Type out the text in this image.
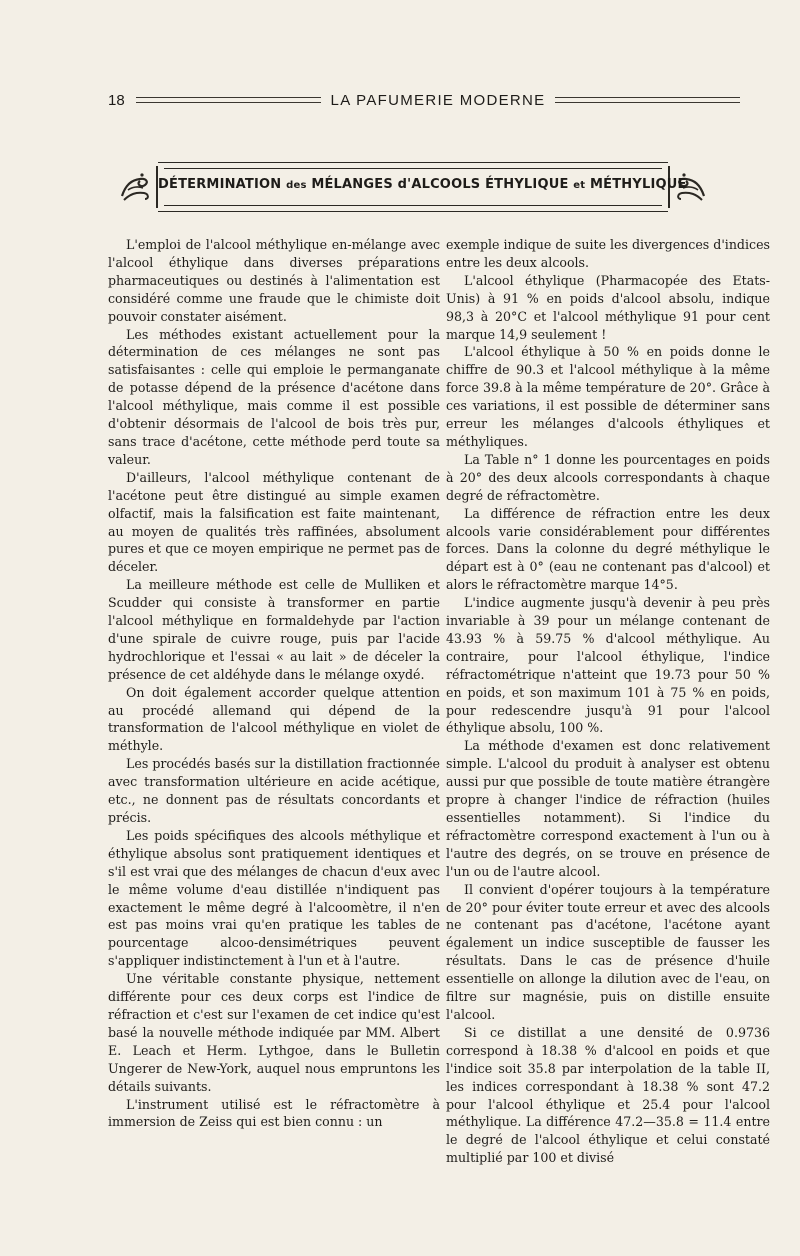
18	LA PAFUMERIE MODERNE
DÉTERMINATION des MÉLANGES d'ALCOOLS ÉTHYLIQUE et MÉTHYLIQUE

L'emploi de l'alcool méthylique en-mélange avec l'alcool éthylique dans diverses préparations pharmaceutiques ou destinés à l'alimentation est considéré comme une fraude que le chimiste doit pouvoir constater aisément.

Les méthodes existant actuellement pour la détermination de ces mélanges ne sont pas satisfaisantes : celle qui emploie le permanganate de potasse dépend de la présence d'acétone dans l'alcool méthylique, mais comme il est possible d'obtenir désormais de l'alcool de bois très pur, sans trace d'acétone, cette méthode perd toute sa valeur.

D'ailleurs, l'alcool méthylique contenant de l'acétone peut être distingué au simple examen olfactif, mais la falsification est faite maintenant, au moyen de qualités très raffinées, absolument pures et que ce moyen empirique ne permet pas de déceler.

La meilleure méthode est celle de Mulliken et Scudder qui consiste à transformer en partie l'alcool méthylique en formaldehyde par l'action d'une spirale de cuivre rouge, puis par l'acide hydrochlorique et l'essai « au lait » de déceler la présence de cet aldéhyde dans le mélange oxydé.

On doit également accorder quelque attention au procédé allemand qui dépend de la transformation de l'alcool méthylique en violet de méthyle.

Les procédés basés sur la distillation fractionnée avec transformation ultérieure en acide acétique, etc., ne donnent pas de résultats concordants et précis.

Les poids spécifiques des alcools méthylique et éthylique absolus sont pratiquement identiques et s'il est vrai que des mélanges de chacun d'eux avec le même volume d'eau distillée n'indiquent pas exactement le même degré à l'alcoomètre, il n'en est pas moins vrai qu'en pratique les tables de pourcentage alcoo-densimétriques peuvent s'appliquer indistinctement à l'un et à l'autre.

Une véritable constante physique, nettement différente pour ces deux corps est l'indice de réfraction et c'est sur l'examen de cet indice qu'est basé la nouvelle méthode indiquée par MM. Albert E. Leach et Herm. Lythgoe, dans le Bulletin Ungerer de New-York, auquel nous empruntons les détails suivants.

L'instrument utilisé est le réfractomètre à immersion de Zeiss qui est bien connu : un

exemple indique de suite les divergences d'indices entre les deux alcools.

L'alcool éthylique (Pharmacopée des Etats-Unis) à 91 % en poids d'alcool absolu, indique 98,3 à 20°C et l'alcool méthylique 91 pour cent marque 14,9 seulement !

L'alcool éthylique à 50 % en poids donne le chiffre de 90.3 et l'alcool méthylique à la même force 39.8 à la même température de 20°. Grâce à ces variations, il est possible de déterminer sans erreur les mélanges d'alcools éthyliques et méthyliques.

La Table n° 1 donne les pourcentages en poids à 20° des deux alcools correspondants à chaque degré de réfractomètre.

La différence de réfraction entre les deux alcools varie considérablement pour différentes forces. Dans la colonne du degré méthylique le départ est à 0° (eau ne contenant pas d'alcool) et alors le réfractomètre marque 14°5.

L'indice augmente jusqu'à devenir à peu près invariable à 39 pour un mélange contenant de 43.93 % à 59.75 % d'alcool méthylique. Au contraire, pour l'alcool éthylique, l'indice réfractométrique n'atteint que 19.73 pour 50 % en poids, et son maximum 101 à 75 % en poids, pour redescendre jusqu'à 91 pour l'alcool éthylique absolu, 100 %.

La méthode d'examen est donc relativement simple. L'alcool du produit à analyser est obtenu aussi pur que possible de toute matière étrangère propre à changer l'indice de réfraction (huiles essentielles notamment). Si l'indice du réfractomètre correspond exactement à l'un ou à l'autre des degrés, on se trouve en présence de l'un ou de l'autre alcool.

Il convient d'opérer toujours à la température de 20° pour éviter toute erreur et avec des alcools ne contenant pas d'acétone, l'acétone ayant également un indice susceptible de fausser les résultats. Dans le cas de présence d'huile essentielle on allonge la dilution avec de l'eau, on filtre sur magnésie, puis on distille ensuite l'alcool.

Si ce distillat a une densité de 0.9736 correspond à 18.38 % d'alcool en poids et que l'indice soit 35.8 par interpolation de la table II, les indices correspondant à 18.38 % sont 47.2 pour l'alcool éthylique et 25.4 pour l'alcool méthylique. La différence 47.2—35.8 = 11.4 entre le degré de l'alcool éthylique et celui constaté multiplié par 100 et divisé
